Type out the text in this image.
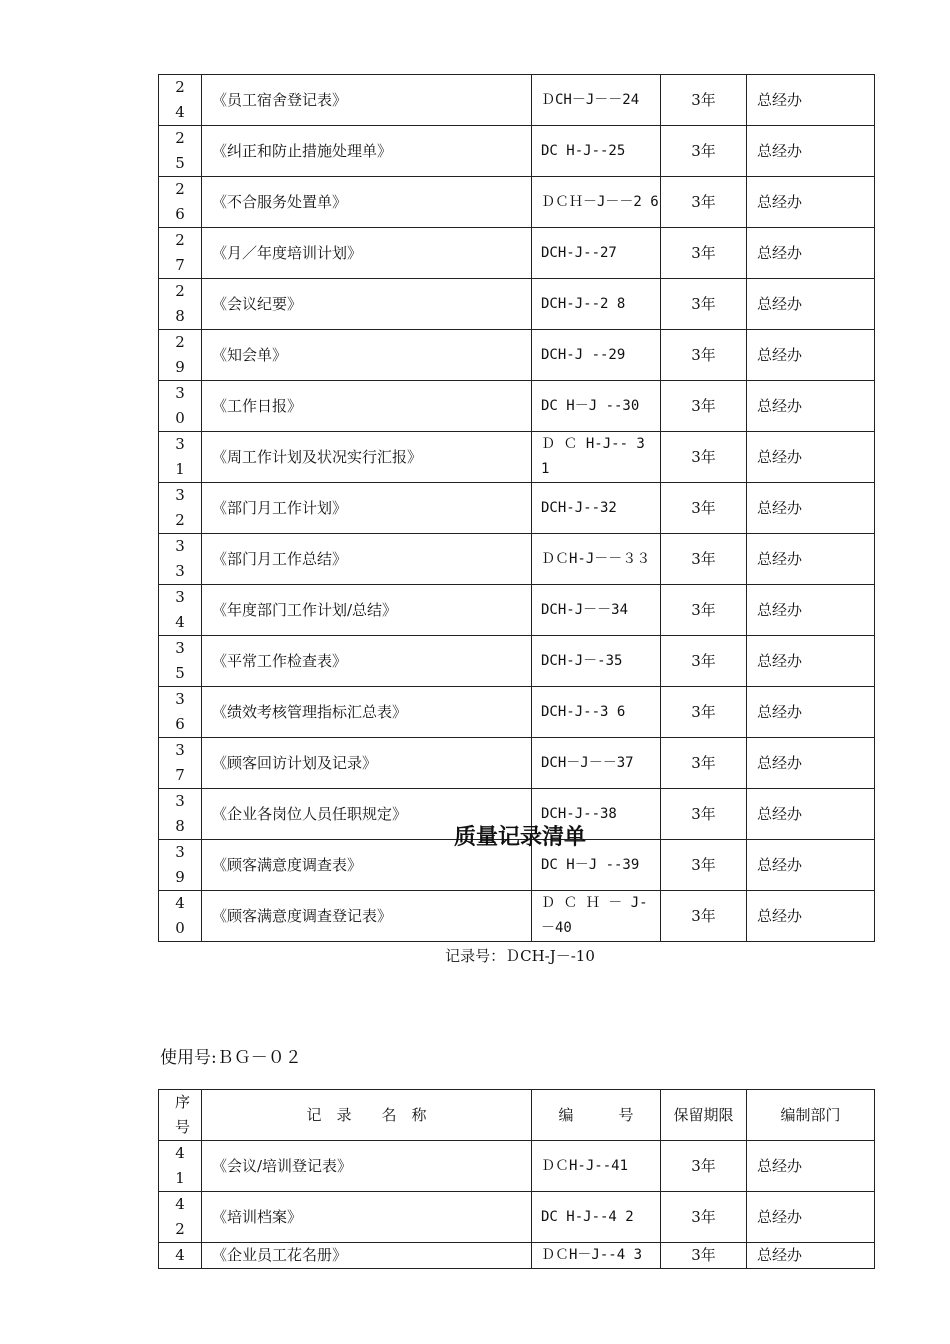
24	《员工宿舍登记表》	ＤCH－J－－24	3年	总经办
25	《纠正和防止措施处理单》	DC H-J--25	3年	总经办
26	《不合服务处置单》	ＤＣＨ－J－－2 6	3年	总经办
27	《月／年度培训计划》	DCH-J--27	3年	总经办
28	《会议纪要》	DCH-J--2 8	3年	总经办
29	《知会单》	DCH-J --29	3年	总经办
30	《工作日报》	DC H－J --30	3年	总经办
31	《周工作计划及状况实行汇报》	Ｄ Ｃ H-J-- 3 1	3年	总经办
32	《部门月工作计划》	DCH-J--32	3年	总经办
33	《部门月工作总结》	ＤＣH-J－－３３	3年	总经办
34	《年度部门工作计划/总结》	DCH-J－－34	3年	总经办
35	《平常工作检查表》	DCH-J－-35	3年	总经办
36	《绩效考核管理指标汇总表》	DCH-J--3 6	3年	总经办
37	《顾客回访计划及记录》	DCH－J－－37	3年	总经办
38	《企业各岗位人员任职规定》	DCH-J--38	3年	总经办
39	《顾客满意度调查表》	DC H－J --39	3年	总经办
40	《顾客满意度调查登记表》	Ｄ Ｃ Ｈ － J-－40	3年	总经办
质量记录清单
记录号：ＤCH-J－-10
使用号:ＢＧ－０２
序号	记　录　　名　称	编　　　号	保留期限	编制部门
41	《会议/培训登记表》	ＤＣH-J--41	3年	总经办
42	《培训档案》	DC H-J--4 2	3年	总经办
4	《企业员工花名册》	ＤＣH－J--4 3	3年	总经办
